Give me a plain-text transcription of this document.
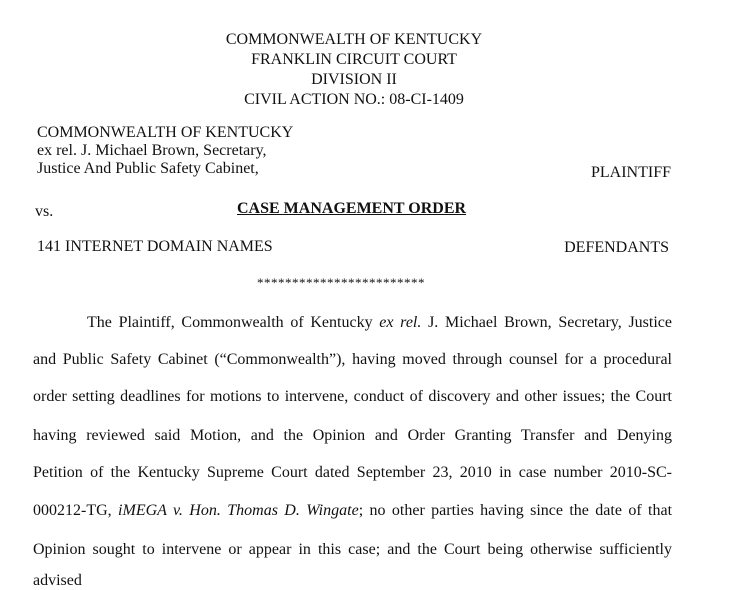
COMMONWEALTH OF KENTUCKY
FRANKLIN CIRCUIT COURT
DIVISION II
CIVIL ACTION NO.: 08-CI-1409
COMMONWEALTH OF KENTUCKY
ex rel. J. Michael Brown, Secretary,
Justice And Public Safety Cabinet,	PLAINTIFF
vs.	CASE MANAGEMENT ORDER
141 INTERNET DOMAIN NAMES	DEFENDANTS
************************
The Plaintiff, Commonwealth of Kentucky ex rel. J. Michael Brown, Secretary, Justice
and Public Safety Cabinet (“Commonwealth”), having moved through counsel for a procedural
order setting deadlines for motions to intervene, conduct of discovery and other issues; the Court
having reviewed said Motion, and the Opinion and Order Granting Transfer and Denying
Petition of the Kentucky Supreme Court dated September 23, 2010 in case number 2010-SC-
000212-TG, iMEGA v. Hon. Thomas D. Wingate; no other parties having since the date of that
Opinion sought to intervene or appear in this case; and the Court being otherwise sufficiently
advised
